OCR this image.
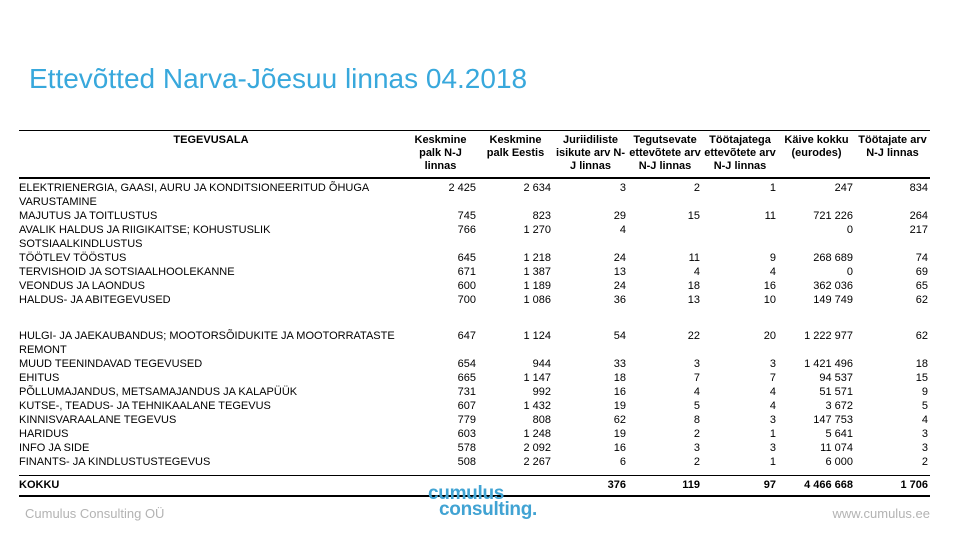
Ettevõtted Narva-Jõesuu linnas 04.2018
TEGEVUSALA	Keskmine palk N-J linnas	Keskmine palk Eestis	Juriidiliste isikute arv N-J linnas	Tegutsevate ettevõtete arv N-J linnas	Töötajatega ettevõtete arv N-J linnas	Käive kokku (eurodes)	Töötajate arv N-J linnas
ELEKTRIENERGIA, GAASI, AURU JA KONDITSIONEERITUD ÕHUGA VARUSTAMINE	2 425	2 634	3	2	1	247	834
MAJUTUS JA TOITLUSTUS	745	823	29	15	11	721 226	264
AVALIK HALDUS JA RIIGIKAITSE; KOHUSTUSLIK SOTSIAALKINDLUSTUS	766	1 270	4			0	217
TÖÖTLEV TÖÖSTUS	645	1 218	24	11	9	268 689	74
TERVISHOID JA SOTSIAALHOOLEKANNE	671	1 387	13	4	4	0	69
VEONDUS JA LAONDUS	600	1 189	24	18	16	362 036	65
HALDUS- JA ABITEGEVUSED	700	1 086	36	13	10	149 749	62

HULGI- JA JAEKAUBANDUS; MOOTORSÕIDUKITE JA MOOTORRATASTE REMONT	647	1 124	54	22	20	1 222 977	62
MUUD TEENINDAVAD TEGEVUSED	654	944	33	3	3	1 421 496	18
EHITUS	665	1 147	18	7	7	94 537	15
PÕLLUMAJANDUS, METSAMAJANDUS JA KALAPÜÜK	731	992	16	4	4	51 571	9
KUTSE-, TEADUS- JA TEHNIKAALANE TEGEVUS	607	1 432	19	5	4	3 672	5
KINNISVARAALANE TEGEVUS	779	808	62	8	3	147 753	4
HARIDUS	603	1 248	19	2	1	5 641	3
INFO JA SIDE	578	2 092	16	3	3	11 074	3
FINANTS- JA KINDLUSTUSTEGEVUS	508	2 267	6	2	1	6 000	2

KOKKU			376	119	97	4 466 668	1 706
cumulus
consulting.
Cumulus Consulting OÜ	www.cumulus.ee
